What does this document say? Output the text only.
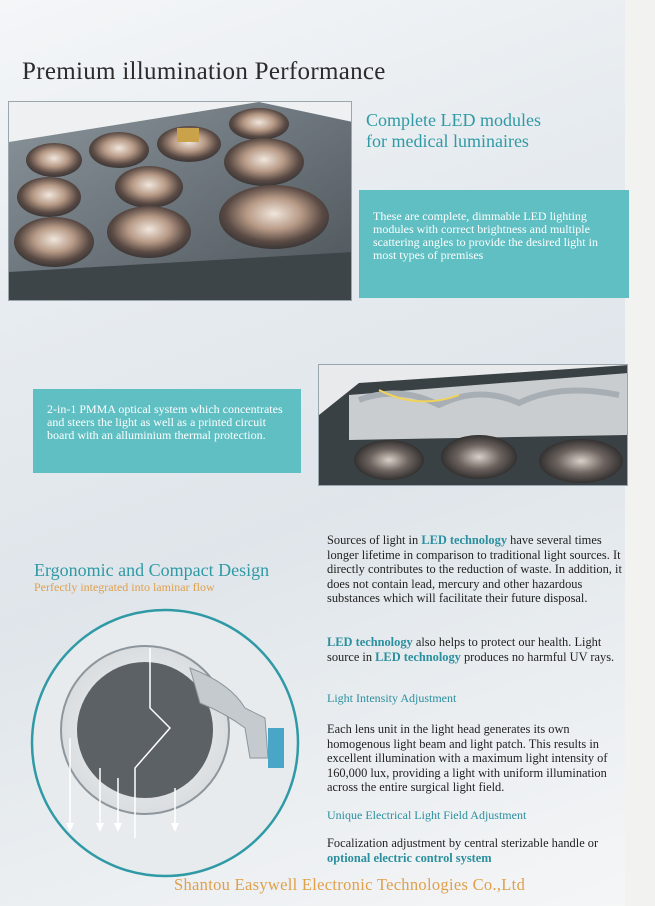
Premium illumination Performance
Complete LED modules
for medical luminaires
These are complete, dimmable LED lighting modules with correct brightness and multiple scattering angles to provide the desired light in most types of premises
2-in-1 PMMA optical system which concentrates and steers the light as well as a printed circuit board with an alluminium thermal protection.
Ergonomic and Compact Design
Perfectly integrated into laminar flow
Sources of light in LED technology have several times longer lifetime in comparison to traditional light sources. It directly contributes to the reduction of waste. In addition, it does not contain lead, mercury and other hazardous substances which will facilitate their future disposal.
LED technology also helps to protect our health. Light source in LED technology produces no harmful UV rays.
Light Intensity Adjustment
Each lens unit in the light head generates its own homogenous light beam and light patch. This results in excellent illumination with a maximum light intensity of 160,000 lux, providing a light with uniform illumination across the entire surgical light field.
Unique Electrical Light Field Adjustment
Focalization adjustment by central sterizable handle or optional electric control system
Shantou Easywell Electronic Technologies Co.,Ltd
